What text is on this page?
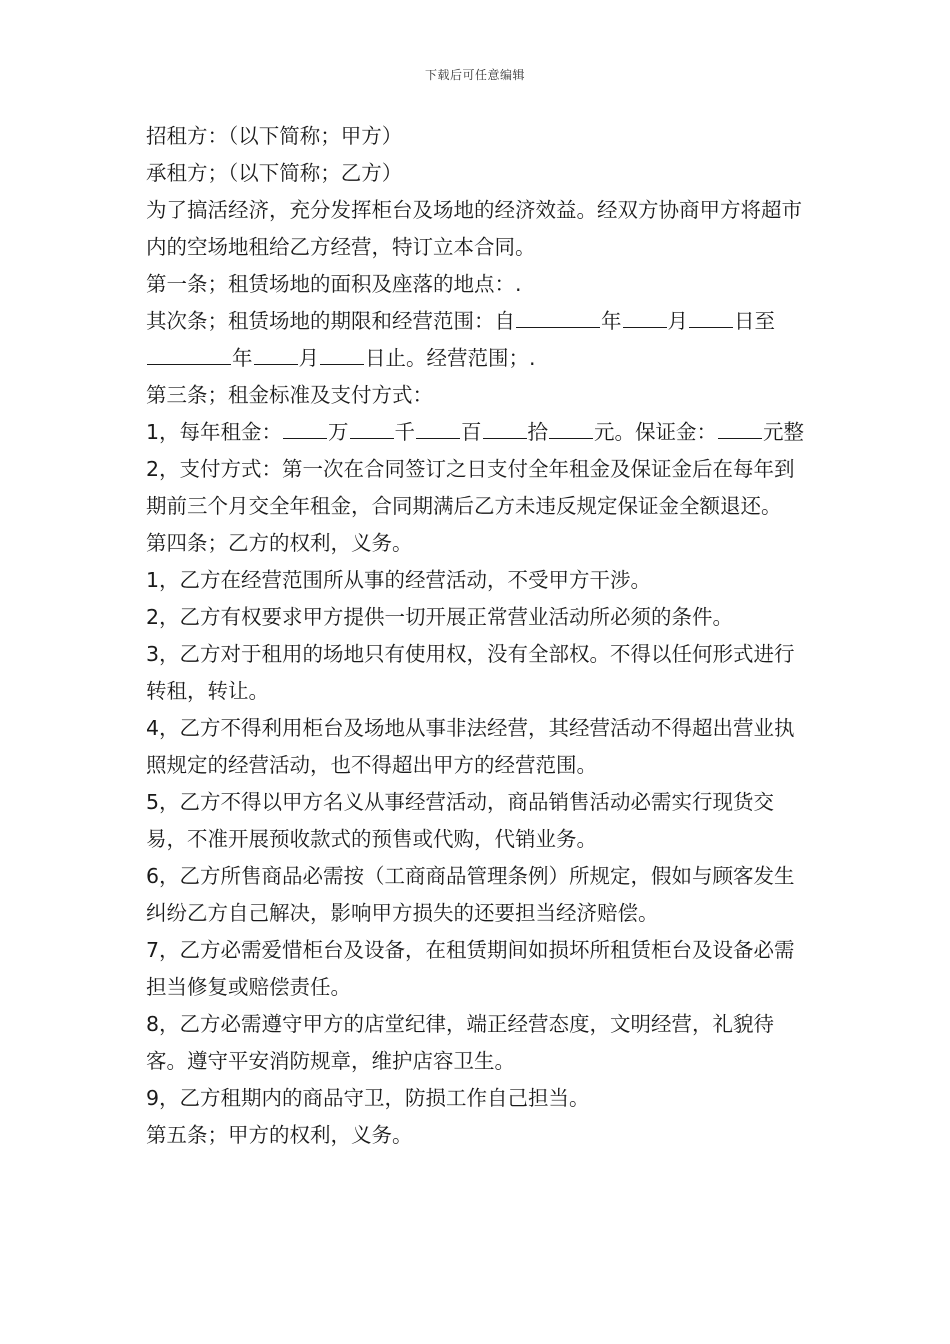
下载后可任意编辑

招租方：（以下简称；甲方）

承租方；（以下简称；乙方）

为了搞活经济，充分发挥柜台及场地的经济效益。经双方协商甲方将超市内的空场地租给乙方经营，特订立本合同。

第一条；租赁场地的面积及座落的地点：.

其次条；租赁场地的期限和经营范围：自	年 月 日至年 月 日止。经营范围；.

第三条；租金标准及支付方式：

1，每年租金： 万 千 百 拾 元。保证金： 元整

2，支付方式：第一次在合同签订之日支付全年租金及保证金后在每年到期前三个月交全年租金，合同期满后乙方未违反规定保证金全额退还。

第四条；乙方的权利，义务。

1，乙方在经营范围所从事的经营活动，不受甲方干涉。

2，乙方有权要求甲方提供一切开展正常营业活动所必须的条件。

3，乙方对于租用的场地只有使用权，没有全部权。不得以任何形式进行转租，转让。

4，乙方不得利用柜台及场地从事非法经营，其经营活动不得超出营业执照规定的经营活动，也不得超出甲方的经营范围。

5，乙方不得以甲方名义从事经营活动，商品销售活动必需实行现货交易，不准开展预收款式的预售或代购，代销业务。

6，乙方所售商品必需按（工商商品管理条例）所规定，假如与顾客发生纠纷乙方自己解决，影响甲方损失的还要担当经济赔偿。

7，乙方必需爱惜柜台及设备，在租赁期间如损坏所租赁柜台及设备必需担当修复或赔偿责任。

8，乙方必需遵守甲方的店堂纪律，端正经营态度，文明经营，礼貌待客。遵守平安消防规章，维护店容卫生。

9，乙方租期内的商品守卫，防损工作自己担当。

第五条；甲方的权利，义务。
